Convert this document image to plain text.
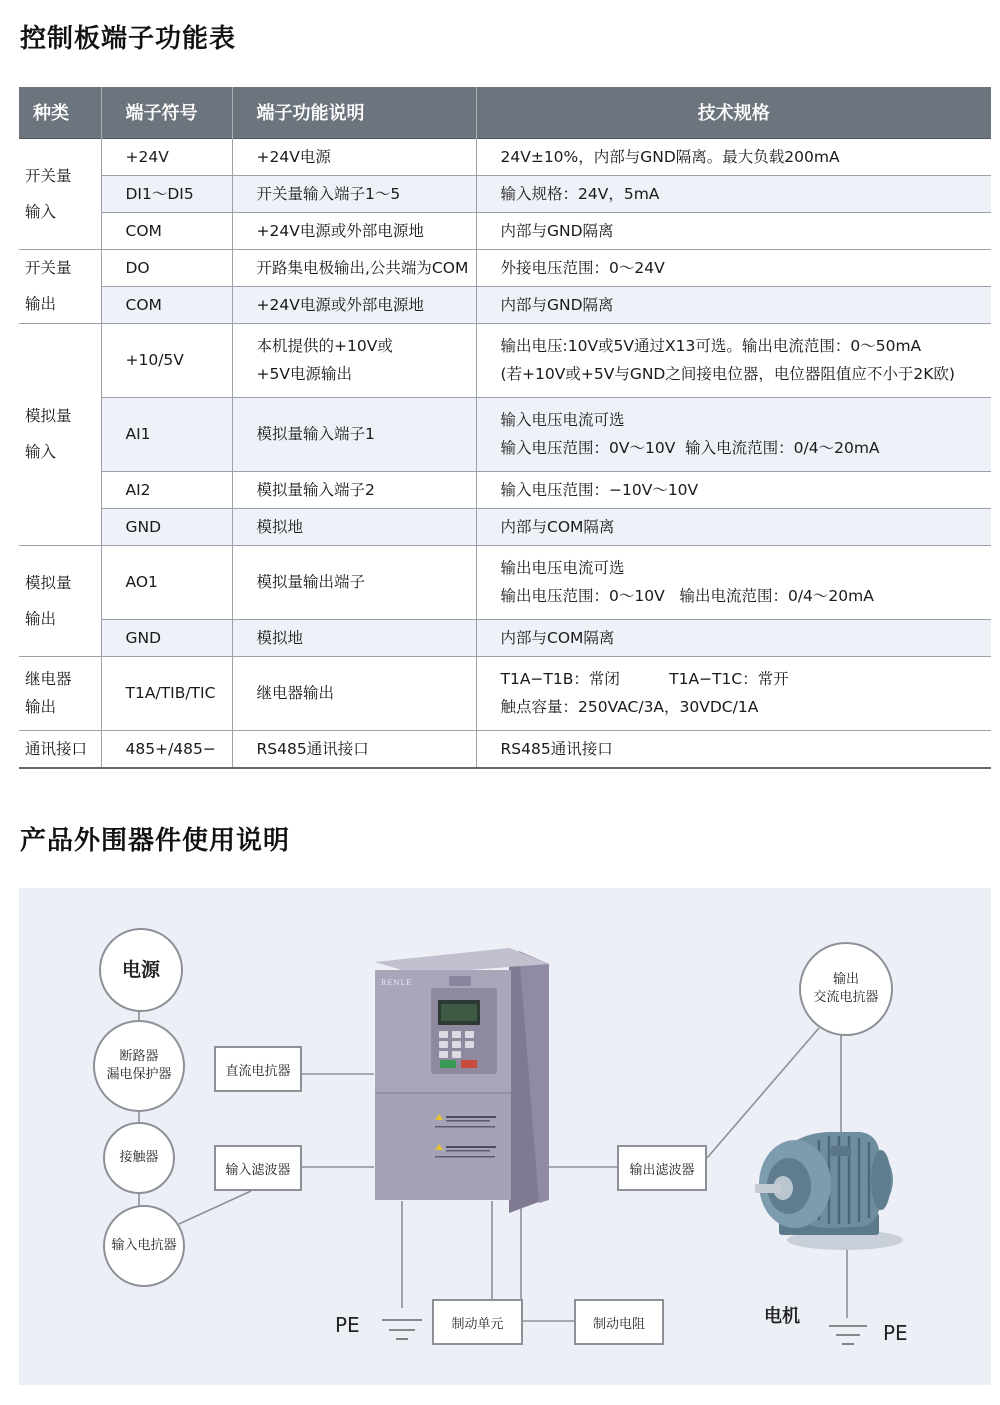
控制板端子功能表
种类	端子符号	端子功能说明	技术规格

开关量
输入	+24V	+24V电源	24V±10%，内部与GND隔离。最大负载200mA

	DI1～DI5	开关量输入端子1～5	输入规格：24V，5mA

	COM	+24V电源或外部电源地	内部与GND隔离

开关量
输出	DO	开路集电极输出,公共端为COM	外接电压范围：0～24V

	COM	+24V电源或外部电源地	内部与GND隔离

模拟量
输入	+10/5V	本机提供的+10V或
+5V电源输出	输出电压:10V或5V通过X13可选。输出电流范围：0～50mA
(若+10V或+5V与GND之间接电位器，电位器阻值应不小于2K欧)

	AI1	模拟量输入端子1	输入电压电流可选
输入电压范围：0V～10V  输入电流范围：0/4～20mA

	AI2	模拟量输入端子2	输入电压范围：−10V～10V

	GND	模拟地	内部与COM隔离

模拟量
输出	AO1	模拟量输出端子	输出电压电流可选
输出电压范围：0～10V   输出电流范围：0/4～20mA

	GND	模拟地	内部与COM隔离

继电器
输出	T1A/TIB/TIC	继电器输出	T1A−T1B：常闭          T1A−T1C：常开
触点容量：250VAC/3A，30VDC/1A

通讯接口	485+/485−	RS485通讯接口	RS485通讯接口
产品外围器件使用说明
电源
断路器
漏电保护器
接触器
输入电抗器
直流电抗器
输入滤波器	输出滤波器
输出
交流电抗器
制动单元	制动电阻
PE	PE
电机
RENLE
